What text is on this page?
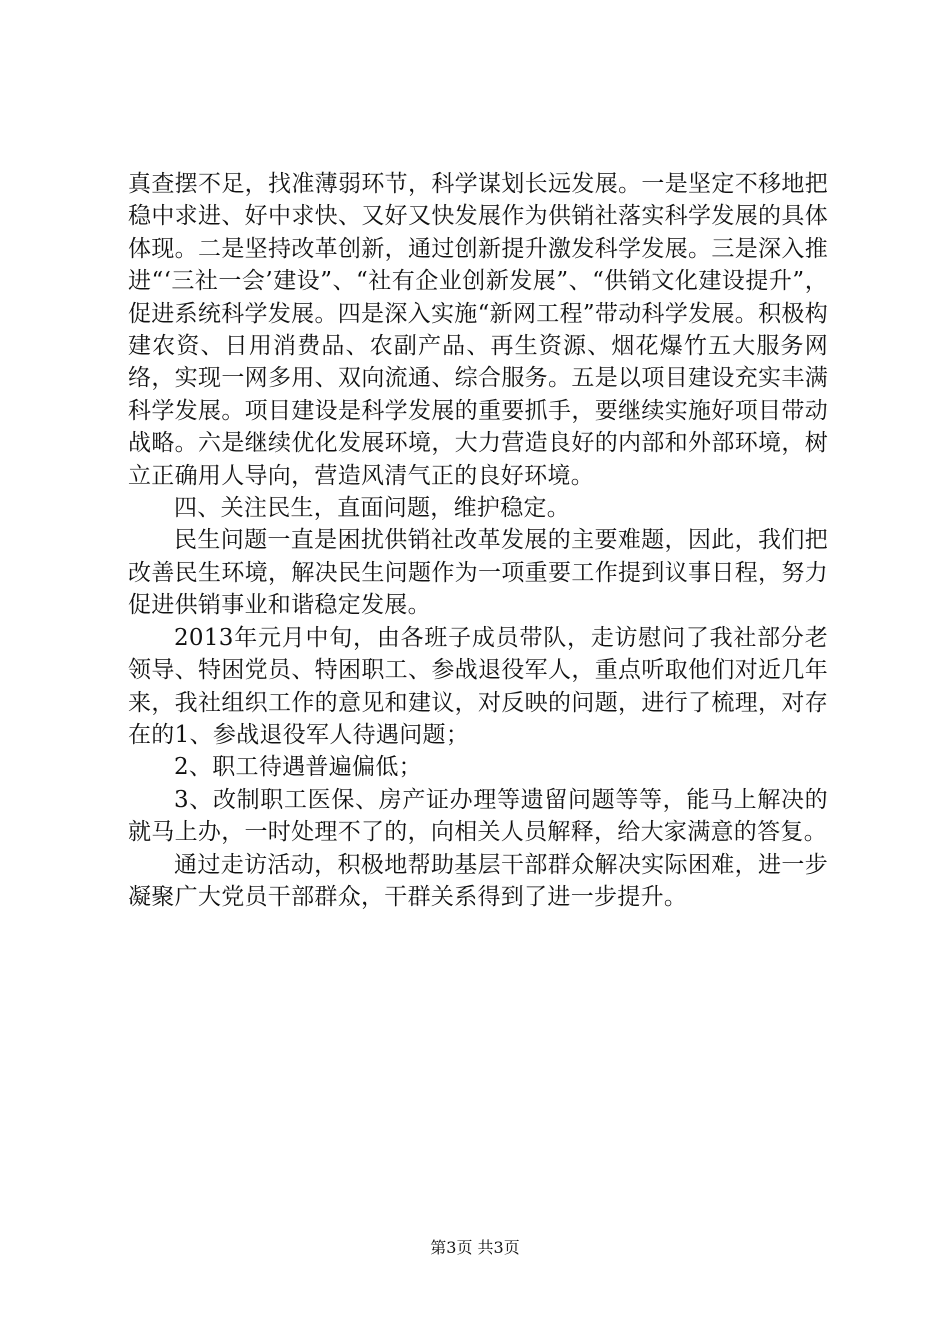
真查摆不足，找准薄弱环节，科学谋划长远发展。一是坚定不移地把稳中求进、好中求快、又好又快发展作为供销社落实科学发展的具体体现。二是坚持改革创新，通过创新提升激发科学发展。三是深入推进“‘三社一会’建设”、“社有企业创新发展”、“供销文化建设提升”，促进系统科学发展。四是深入实施“新网工程”带动科学发展。积极构建农资、日用消费品、农副产品、再生资源、烟花爆竹五大服务网络，实现一网多用、双向流通、综合服务。五是以项目建设充实丰满科学发展。项目建设是科学发展的重要抓手，要继续实施好项目带动战略。六是继续优化发展环境，大力营造良好的内部和外部环境，树立正确用人导向，营造风清气正的良好环境。

四、关注民生，直面问题，维护稳定。

民生问题一直是困扰供销社改革发展的主要难题，因此，我们把改善民生环境，解决民生问题作为一项重要工作提到议事日程，努力促进供销事业和谐稳定发展。

2013年元月中旬，由各班子成员带队，走访慰问了我社部分老领导、特困党员、特困职工、参战退役军人，重点听取他们对近几年来，我社组织工作的意见和建议，对反映的问题，进行了梳理，对存在的1、参战退役军人待遇问题；

2、职工待遇普遍偏低；

3、改制职工医保、房产证办理等遗留问题等等，能马上解决的就马上办，一时处理不了的，向相关人员解释，给大家满意的答复。

通过走访活动，积极地帮助基层干部群众解决实际困难，进一步凝聚广大党员干部群众，干群关系得到了进一步提升。

第3页 共3页
